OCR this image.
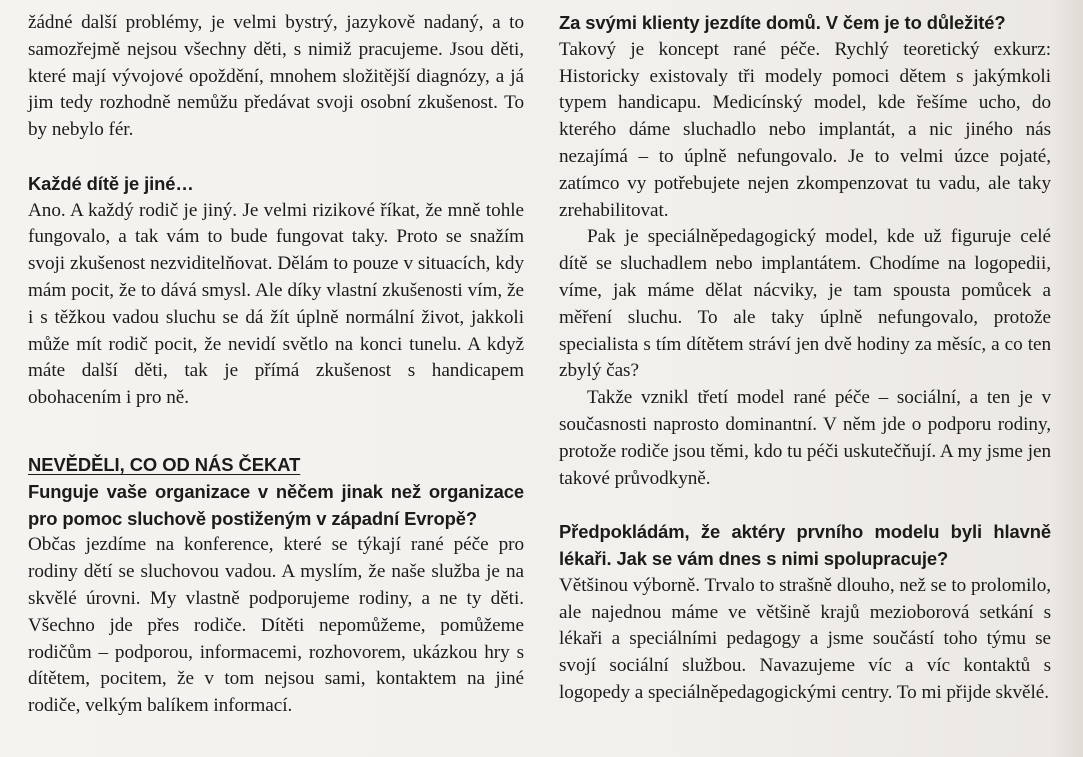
žádné další problémy, je velmi bystrý, jazykově nadaný, a to samozřejmě nejsou všechny děti, s nimiž pracujeme. Jsou děti, které mají vývojové opoždění, mnohem složitější diagnózy, a já jim tedy rozhodně nemůžu předávat svoji osobní zkušenost. To by nebylo fér.

Každé dítě je jiné…

Ano. A každý rodič je jiný. Je velmi rizikové říkat, že mně tohle fungovalo, a tak vám to bude fungovat taky. Proto se snažím svoji zkušenost nezviditelňovat. Dělám to pouze v situacích, kdy mám pocit, že to dává smysl. Ale díky vlastní zkušenosti vím, že i s těžkou vadou sluchu se dá žít úplně normální život, jakkoli může mít rodič pocit, že nevidí světlo na konci tunelu. A když máte další děti, tak je přímá zkušenost s handicapem obohacením i pro ně.

NEVĚDĚLI, CO OD NÁS ČEKAT

Funguje vaše organizace v něčem jinak než organizace pro pomoc sluchově postiženým v západní Evropě?

Občas jezdíme na konference, které se týkají rané péče pro rodiny dětí se sluchovou vadou. A myslím, že naše služba je na skvělé úrovni. My vlastně podporujeme rodiny, a ne ty děti. Všechno jde přes rodiče. Dítěti nepomůžeme, pomůžeme rodičům – podporou, informacemi, rozhovorem, ukázkou hry s dítětem, pocitem, že v tom nejsou sami, kontaktem na jiné rodiče, velkým balíkem informací.

Za svými klienty jezdíte domů. V čem je to důležité?

Takový je koncept rané péče. Rychlý teoretický exkurz: Historicky existovaly tři modely pomoci dětem s jakýmkoli typem handicapu. Medicínský model, kde řešíme ucho, do kterého dáme sluchadlo nebo implantát, a nic jiného nás nezajímá – to úplně nefungovalo. Je to velmi úzce pojaté, zatímco vy potřebujete nejen zkompenzovat tu vadu, ale taky zrehabilitovat.

Pak je speciálněpedagogický model, kde už figuruje celé dítě se sluchadlem nebo implantátem. Chodíme na logopedii, víme, jak máme dělat nácviky, je tam spousta pomůcek a měření sluchu. To ale taky úplně nefungovalo, protože specialista s tím dítětem stráví jen dvě hodiny za měsíc, a co ten zbylý čas?

Takže vznikl třetí model rané péče – sociální, a ten je v současnosti naprosto dominantní. V něm jde o podporu rodiny, protože rodiče jsou těmi, kdo tu péči uskutečňují. A my jsme jen takové průvodkyně.

Předpokládám, že aktéry prvního modelu byli hlavně lékaři. Jak se vám dnes s nimi spolupracuje?

Většinou výborně. Trvalo to strašně dlouho, než se to prolomilo, ale najednou máme ve většině krajů mezioborová setkání s lékaři a speciálními pedagogy a jsme součástí toho týmu se svojí sociální službou. Navazujeme víc a víc kontaktů s logopedy a speciálněpedagogickými centry. To mi přijde skvělé.
